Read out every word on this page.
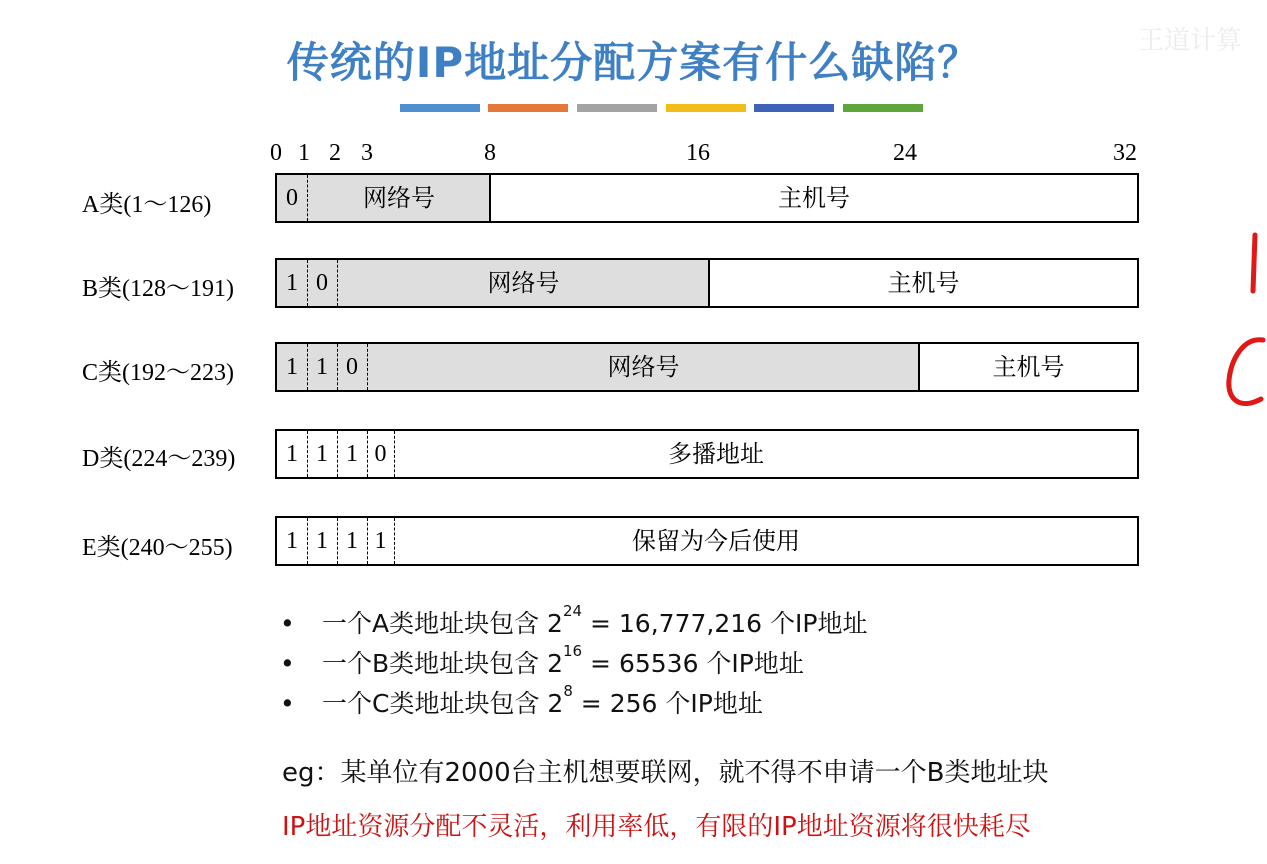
传统的IP地址分配方案有什么缺陷？	王道计算
0 1 2 3	8	16	24	32
A类(1～126)	0	网络号	主机号
B类(128～191)	1 0	网络号	主机号
C类(192～223)	1 1 0	网络号	主机号
D类(224～239)	1 1 1 0	多播地址
E类(240～255)	1 1 1 1	保留为今后使用
• 一个A类地址块包含 $2^{24} = 16,777,216$ 个IP地址
• 一个B类地址块包含 $2^{16} = 65536$ 个IP地址
• 一个C类地址块包含 $2^8 = 256$ 个IP地址
eg：某单位有2000台主机想要联网，就不得不申请一个B类地址块
IP地址资源分配不灵活，利用率低，有限的IP地址资源将很快耗尽
